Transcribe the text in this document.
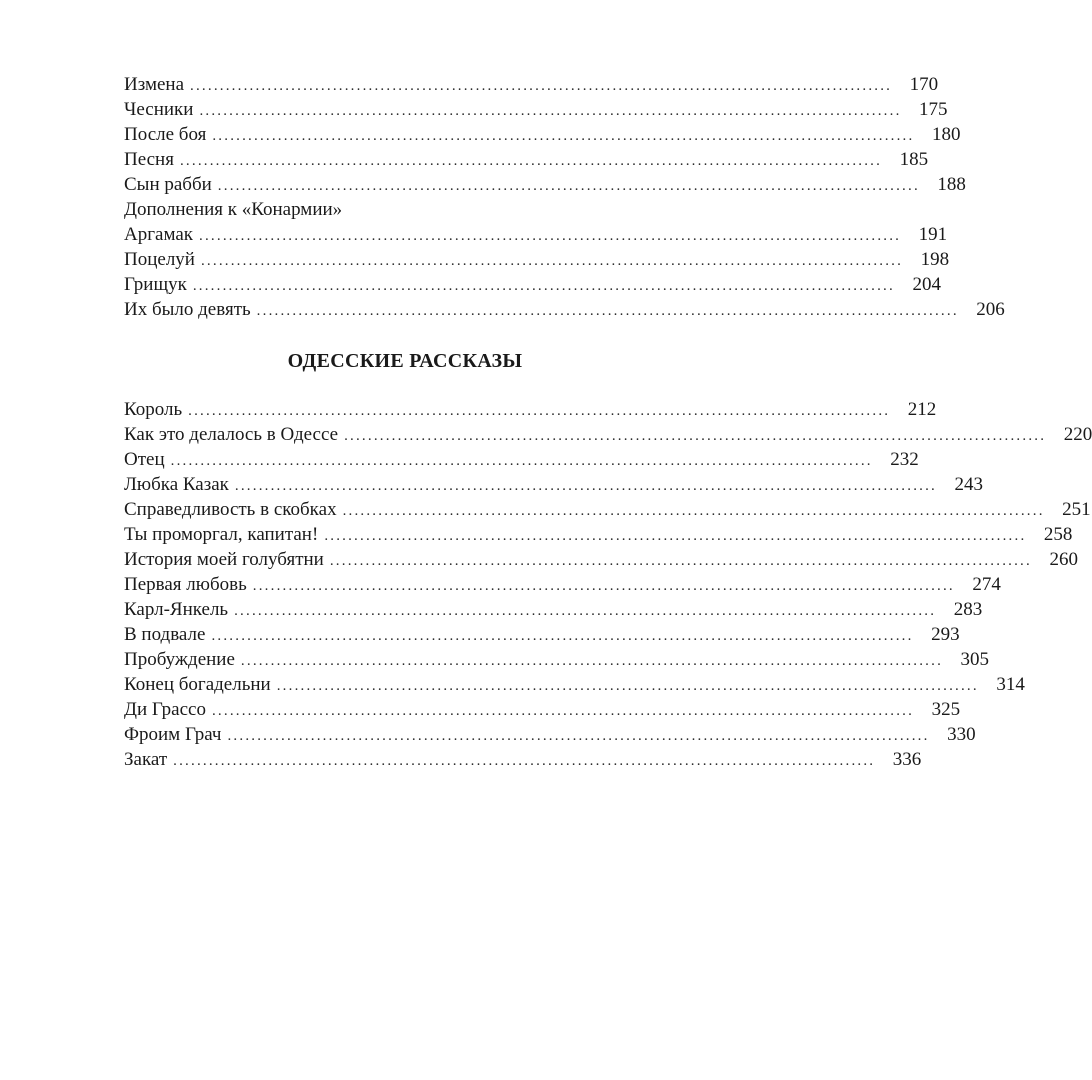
Измена ...................................................................................................................... 170
Чесники ...................................................................................................................... 175
После боя ...................................................................................................................... 180
Песня ...................................................................................................................... 185
Сын рабби ...................................................................................................................... 188
Дополнения к «Конармии»
Аргамак ...................................................................................................................... 191
Поцелуй ...................................................................................................................... 198
Грищук ...................................................................................................................... 204
Их было девять ...................................................................................................................... 206
ОДЕССКИЕ РАССКАЗЫ
Король ...................................................................................................................... 212
Как это делалось в Одессе ...................................................................................................................... 220
Отец ...................................................................................................................... 232
Любка Казак ...................................................................................................................... 243
Справедливость в скобках ...................................................................................................................... 251
Ты проморгал, капитан! ...................................................................................................................... 258
История моей голубятни ...................................................................................................................... 260
Первая любовь ...................................................................................................................... 274
Карл-Янкель ...................................................................................................................... 283
В подвале ...................................................................................................................... 293
Пробуждение ...................................................................................................................... 305
Конец богадельни ...................................................................................................................... 314
Ди Грассо ...................................................................................................................... 325
Фроим Грач ...................................................................................................................... 330
Закат ...................................................................................................................... 336
